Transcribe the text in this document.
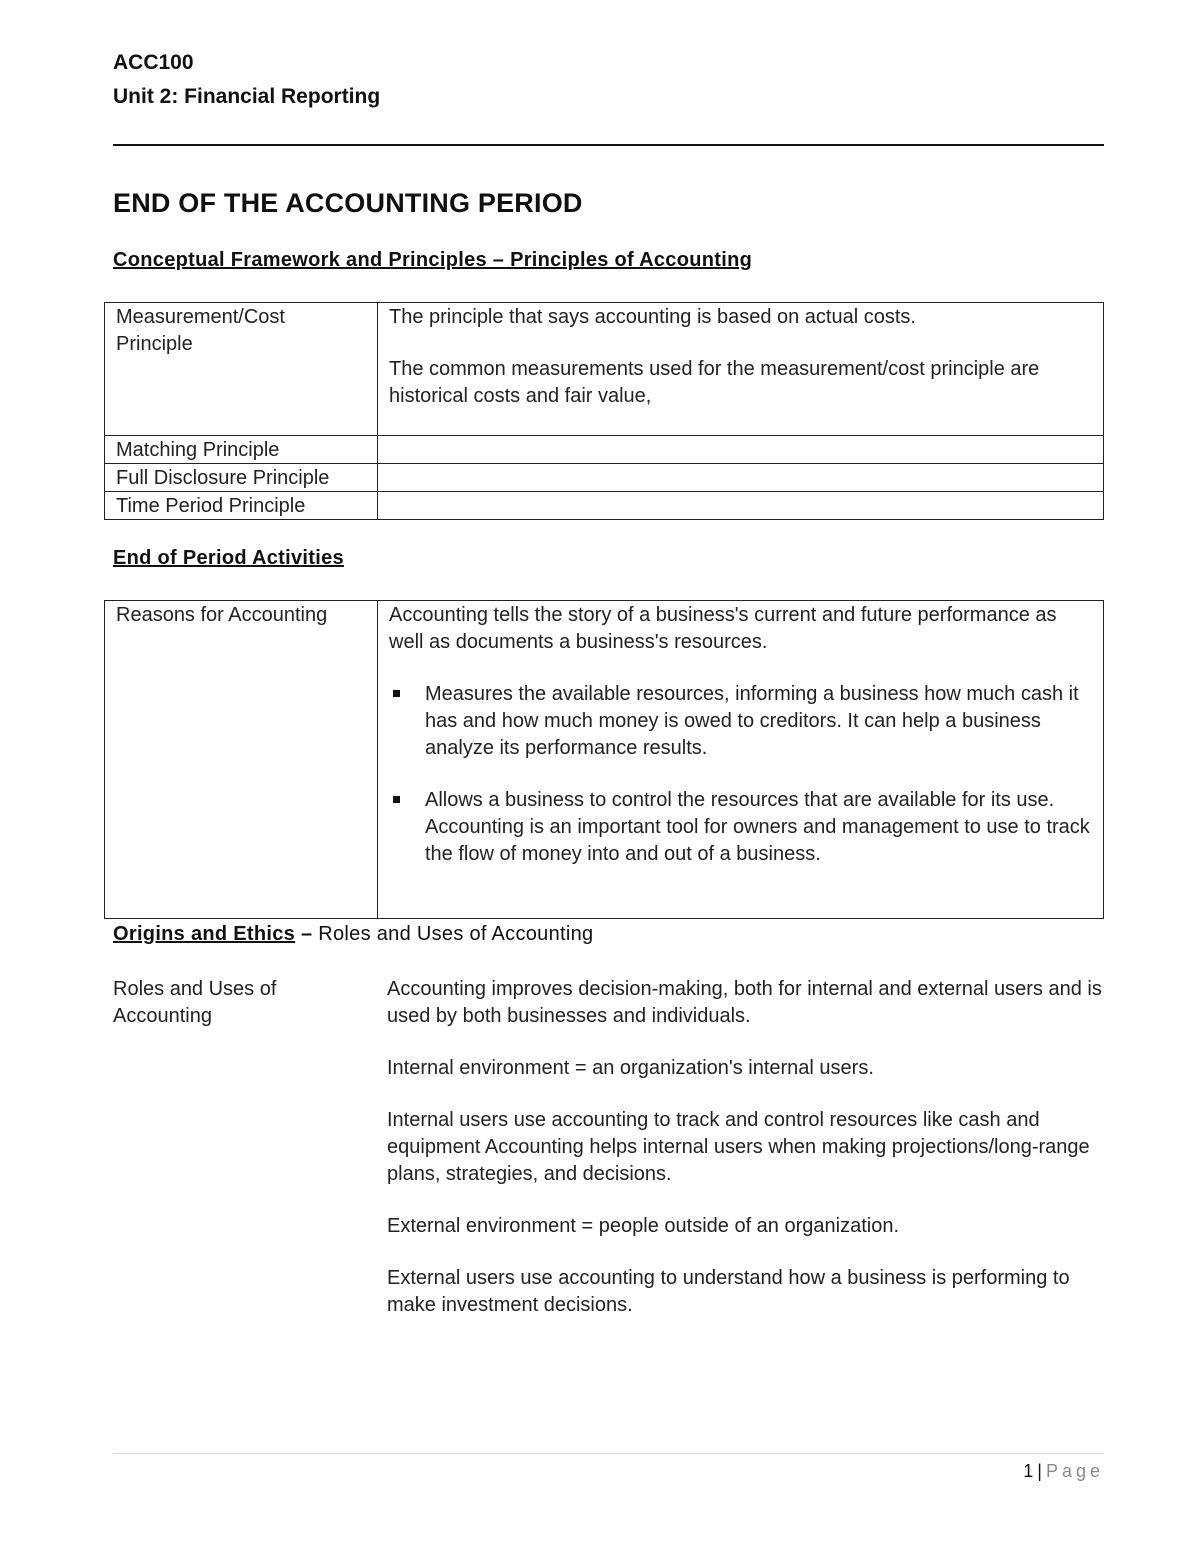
ACC100
Unit 2: Financial Reporting
END OF THE ACCOUNTING PERIOD
Conceptual Framework and Principles – Principles of Accounting
Measurement/Cost Principle	The principle that says accounting is based on actual costs.

The common measurements used for the measurement/cost principle are historical costs and fair value,

Matching Principle	
Full Disclosure Principle	
Time Period Principle	
End of Period Activities
Reasons for Accounting	Accounting tells the story of a business's current and future performance as well as documents a business's resources.

Measures the available resources, informing a business how much cash it has and how much money is owed to creditors. It can help a business analyze its performance results.
Allows a business to control the resources that are available for its use. Accounting is an important tool for owners and management to use to track the flow of money into and out of a business.
Origins and Ethics – Roles and Uses of Accounting
Roles and Uses of Accounting

Accounting improves decision-making, both for internal and external users and is used by both businesses and individuals.

Internal environment = an organization's internal users.

Internal users use accounting to track and control resources like cash and equipment Accounting helps internal users when making projections/long-range plans, strategies, and decisions.

External environment = people outside of an organization.

External users use accounting to understand how a business is performing to make investment decisions.

1 | Page
